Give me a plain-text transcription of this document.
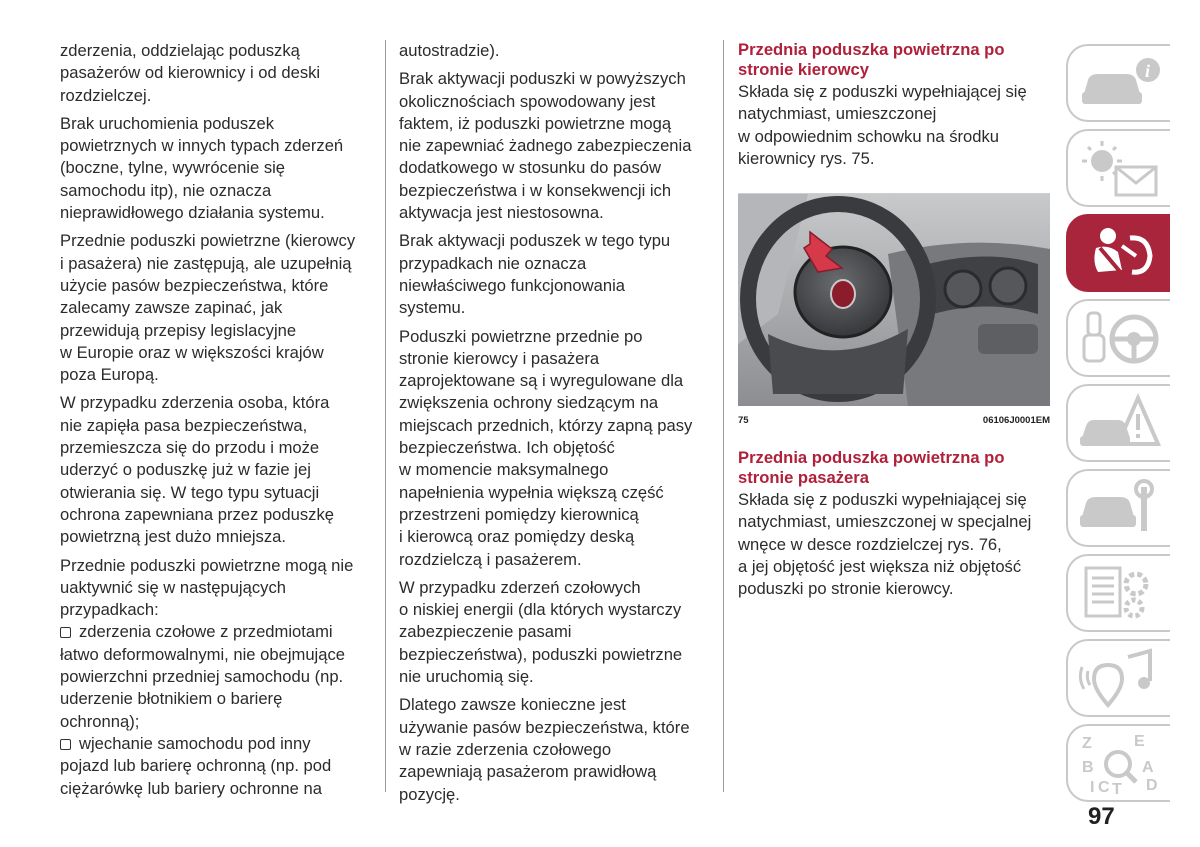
zderzenia, oddzielając poduszką
pasażerów od kierownicy i od deski
rozdzielczej.

Brak uruchomienia poduszek
powietrznych w innych typach zderzeń
(boczne, tylne, wywrócenie się
samochodu itp), nie oznacza
nieprawidłowego działania systemu.

Przednie poduszki powietrzne (kierowcy
i pasażera) nie zastępują, ale uzupełnią
użycie pasów bezpieczeństwa, które
zalecamy zawsze zapinać, jak
przewidują przepisy legislacyjne
w Europie oraz w większości krajów
poza Europą.

W przypadku zderzenia osoba, która
nie zapięła pasa bezpieczeństwa,
przemieszcza się do przodu i może
uderzyć o poduszkę już w fazie jej
otwierania się. W tego typu sytuacji
ochrona zapewniana przez poduszkę
powietrzną jest dużo mniejsza.

Przednie poduszki powietrzne mogą nie
uaktywnić się w następujących
przypadkach:

zderzenia czołowe z przedmiotami
łatwo deformowalnymi, nie obejmujące
powierzchni przedniej samochodu (np.
uderzenie błotnikiem o barierę
ochronną);
wjechanie samochodu pod inny
pojazd lub barierę ochronną (np. pod
ciężarówkę lub bariery ochronne na

autostradzie).

Brak aktywacji poduszki w powyższych
okolicznościach spowodowany jest
faktem, iż poduszki powietrzne mogą
nie zapewniać żadnego zabezpieczenia
dodatkowego w stosunku do pasów
bezpieczeństwa i w konsekwencji ich
aktywacja jest niestosowna.

Brak aktywacji poduszek w tego typu
przypadkach nie oznacza
niewłaściwego funkcjonowania
systemu.

Poduszki powietrzne przednie po
stronie kierowcy i pasażera
zaprojektowane są i wyregulowane dla
zwiększenia ochrony siedzącym na
miejscach przednich, którzy zapną pasy
bezpieczeństwa. Ich objętość
w momencie maksymalnego
napełnienia wypełnia większą część
przestrzeni pomiędzy kierownicą
i kierowcą oraz pomiędzy deską
rozdzielczą i pasażerem.

W przypadku zderzeń czołowych
o niskiej energii (dla których wystarczy
zabezpieczenie pasami
bezpieczeństwa), poduszki powietrzne
nie uruchomią się.

Dlatego zawsze konieczne jest
używanie pasów bezpieczeństwa, które
w razie zderzenia czołowego
zapewniają pasażerom prawidłową
pozycję.

Przednia poduszka powietrzna po
stronie kierowcy

Składa się z poduszki wypełniającej się
natychmiast, umieszczonej
w odpowiednim schowku na środku
kierownicy rys. 75.

75	06106J0001EM
Przednia poduszka powietrzna po
stronie pasażera

Składa się z poduszki wypełniającej się
natychmiast, umieszczonej w specjalnej
wnęce w desce rozdzielczej rys. 76,
a jej objętość jest większa niż objętość
poduszki po stronie kierowcy.

i
Z	E
B	A
I C T D
97
